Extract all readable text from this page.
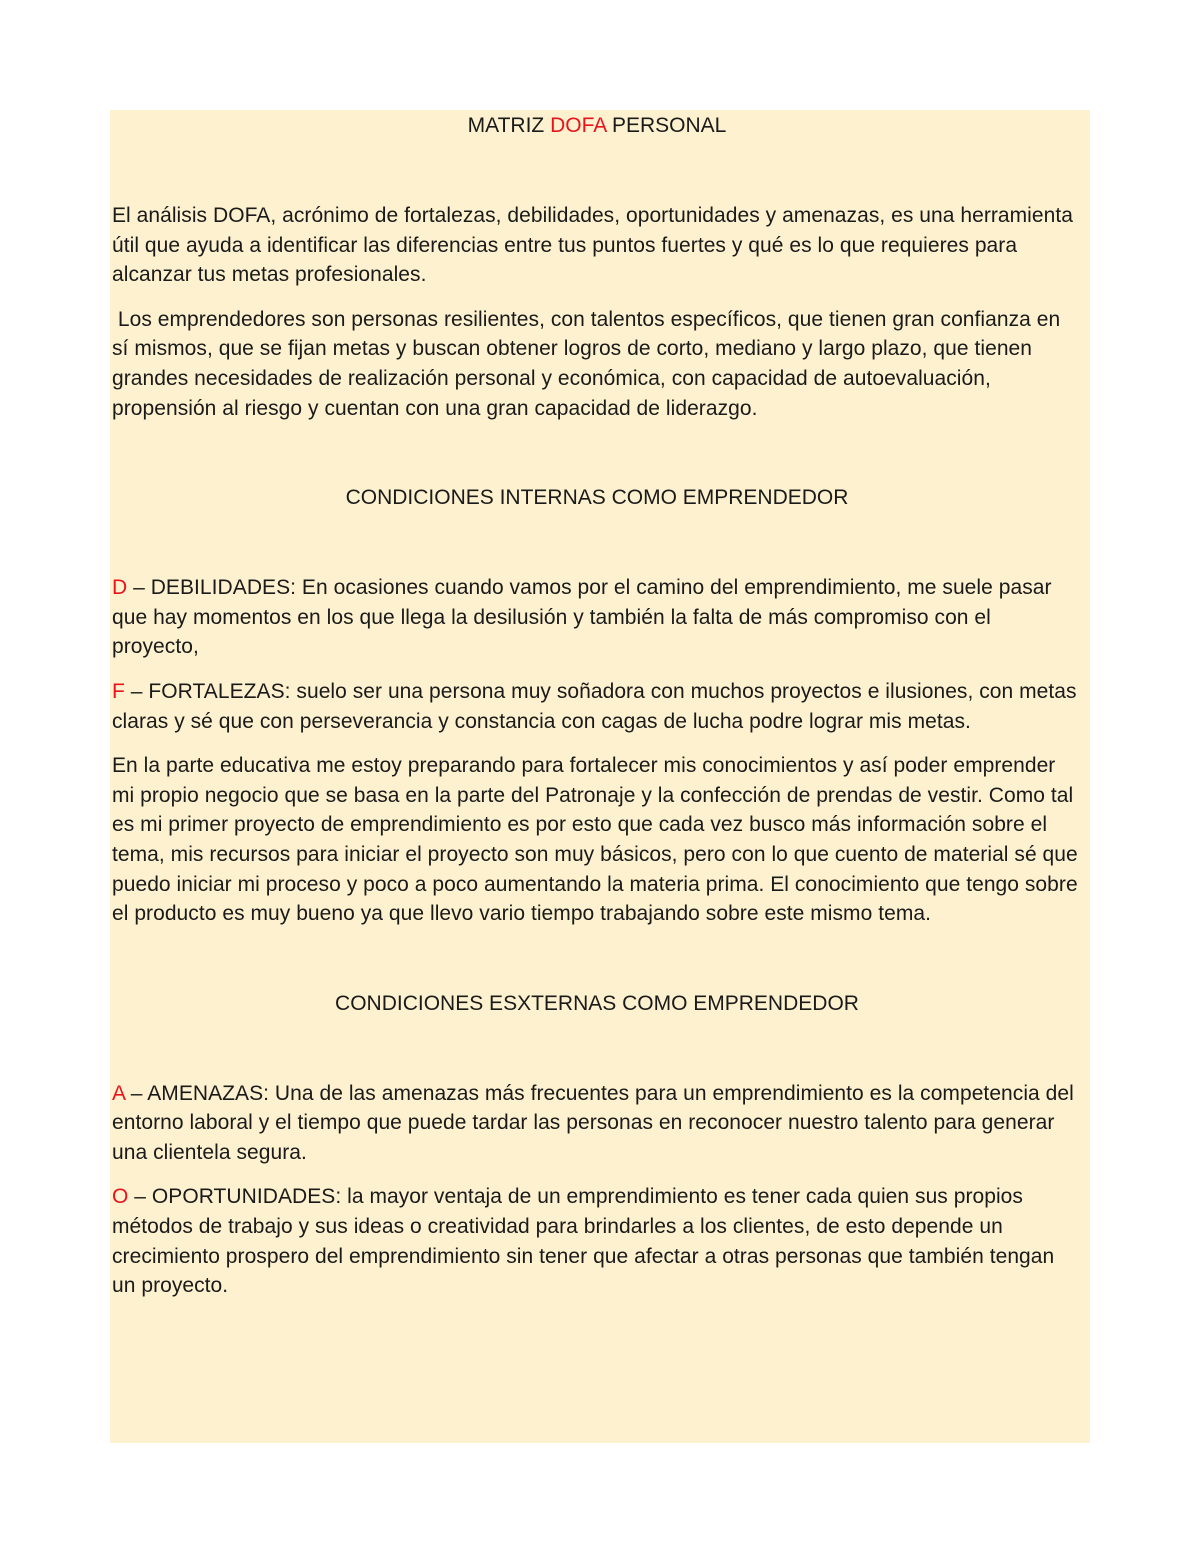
MATRIZ DOFA PERSONAL

El análisis DOFA, acrónimo de fortalezas, debilidades, oportunidades y amenazas, es una herramienta útil que ayuda a identificar las diferencias entre tus puntos fuertes y qué es lo que requieres para alcanzar tus metas profesionales.

Los emprendedores son personas resilientes, con talentos específicos, que tienen gran confianza en sí mismos, que se fijan metas y buscan obtener logros de corto, mediano y largo plazo, que tienen grandes necesidades de realización personal y económica, con capacidad de autoevaluación, propensión al riesgo y cuentan con una gran capacidad de liderazgo.

CONDICIONES INTERNAS COMO EMPRENDEDOR

D – DEBILIDADES: En ocasiones cuando vamos por el camino del emprendimiento, me suele pasar que hay momentos en los que llega la desilusión y también la falta de más compromiso con el proyecto,

F – FORTALEZAS: suelo ser una persona muy soñadora con muchos proyectos e ilusiones, con metas claras y sé que con perseverancia y constancia con cagas de lucha podre lograr mis metas.

En la parte educativa me estoy preparando para fortalecer mis conocimientos y así poder emprender mi propio negocio que se basa en la parte del Patronaje y la confección de prendas de vestir. Como tal es mi primer proyecto de emprendimiento es por esto que cada vez busco más información sobre el tema, mis recursos para iniciar el proyecto son muy básicos, pero con lo que cuento de material sé que puedo iniciar mi proceso y poco a poco aumentando la materia prima. El conocimiento que tengo sobre el producto es muy bueno ya que llevo vario tiempo trabajando sobre este mismo tema.

CONDICIONES ESXTERNAS COMO EMPRENDEDOR

A – AMENAZAS: Una de las amenazas más frecuentes para un emprendimiento es la competencia del entorno laboral y el tiempo que puede tardar las personas en reconocer nuestro talento para generar una clientela segura.

O – OPORTUNIDADES: la mayor ventaja de un emprendimiento es tener cada quien sus propios métodos de trabajo y sus ideas o creatividad para brindarles a los clientes, de esto depende un crecimiento prospero del emprendimiento sin tener que afectar a otras personas que también tengan un proyecto.
